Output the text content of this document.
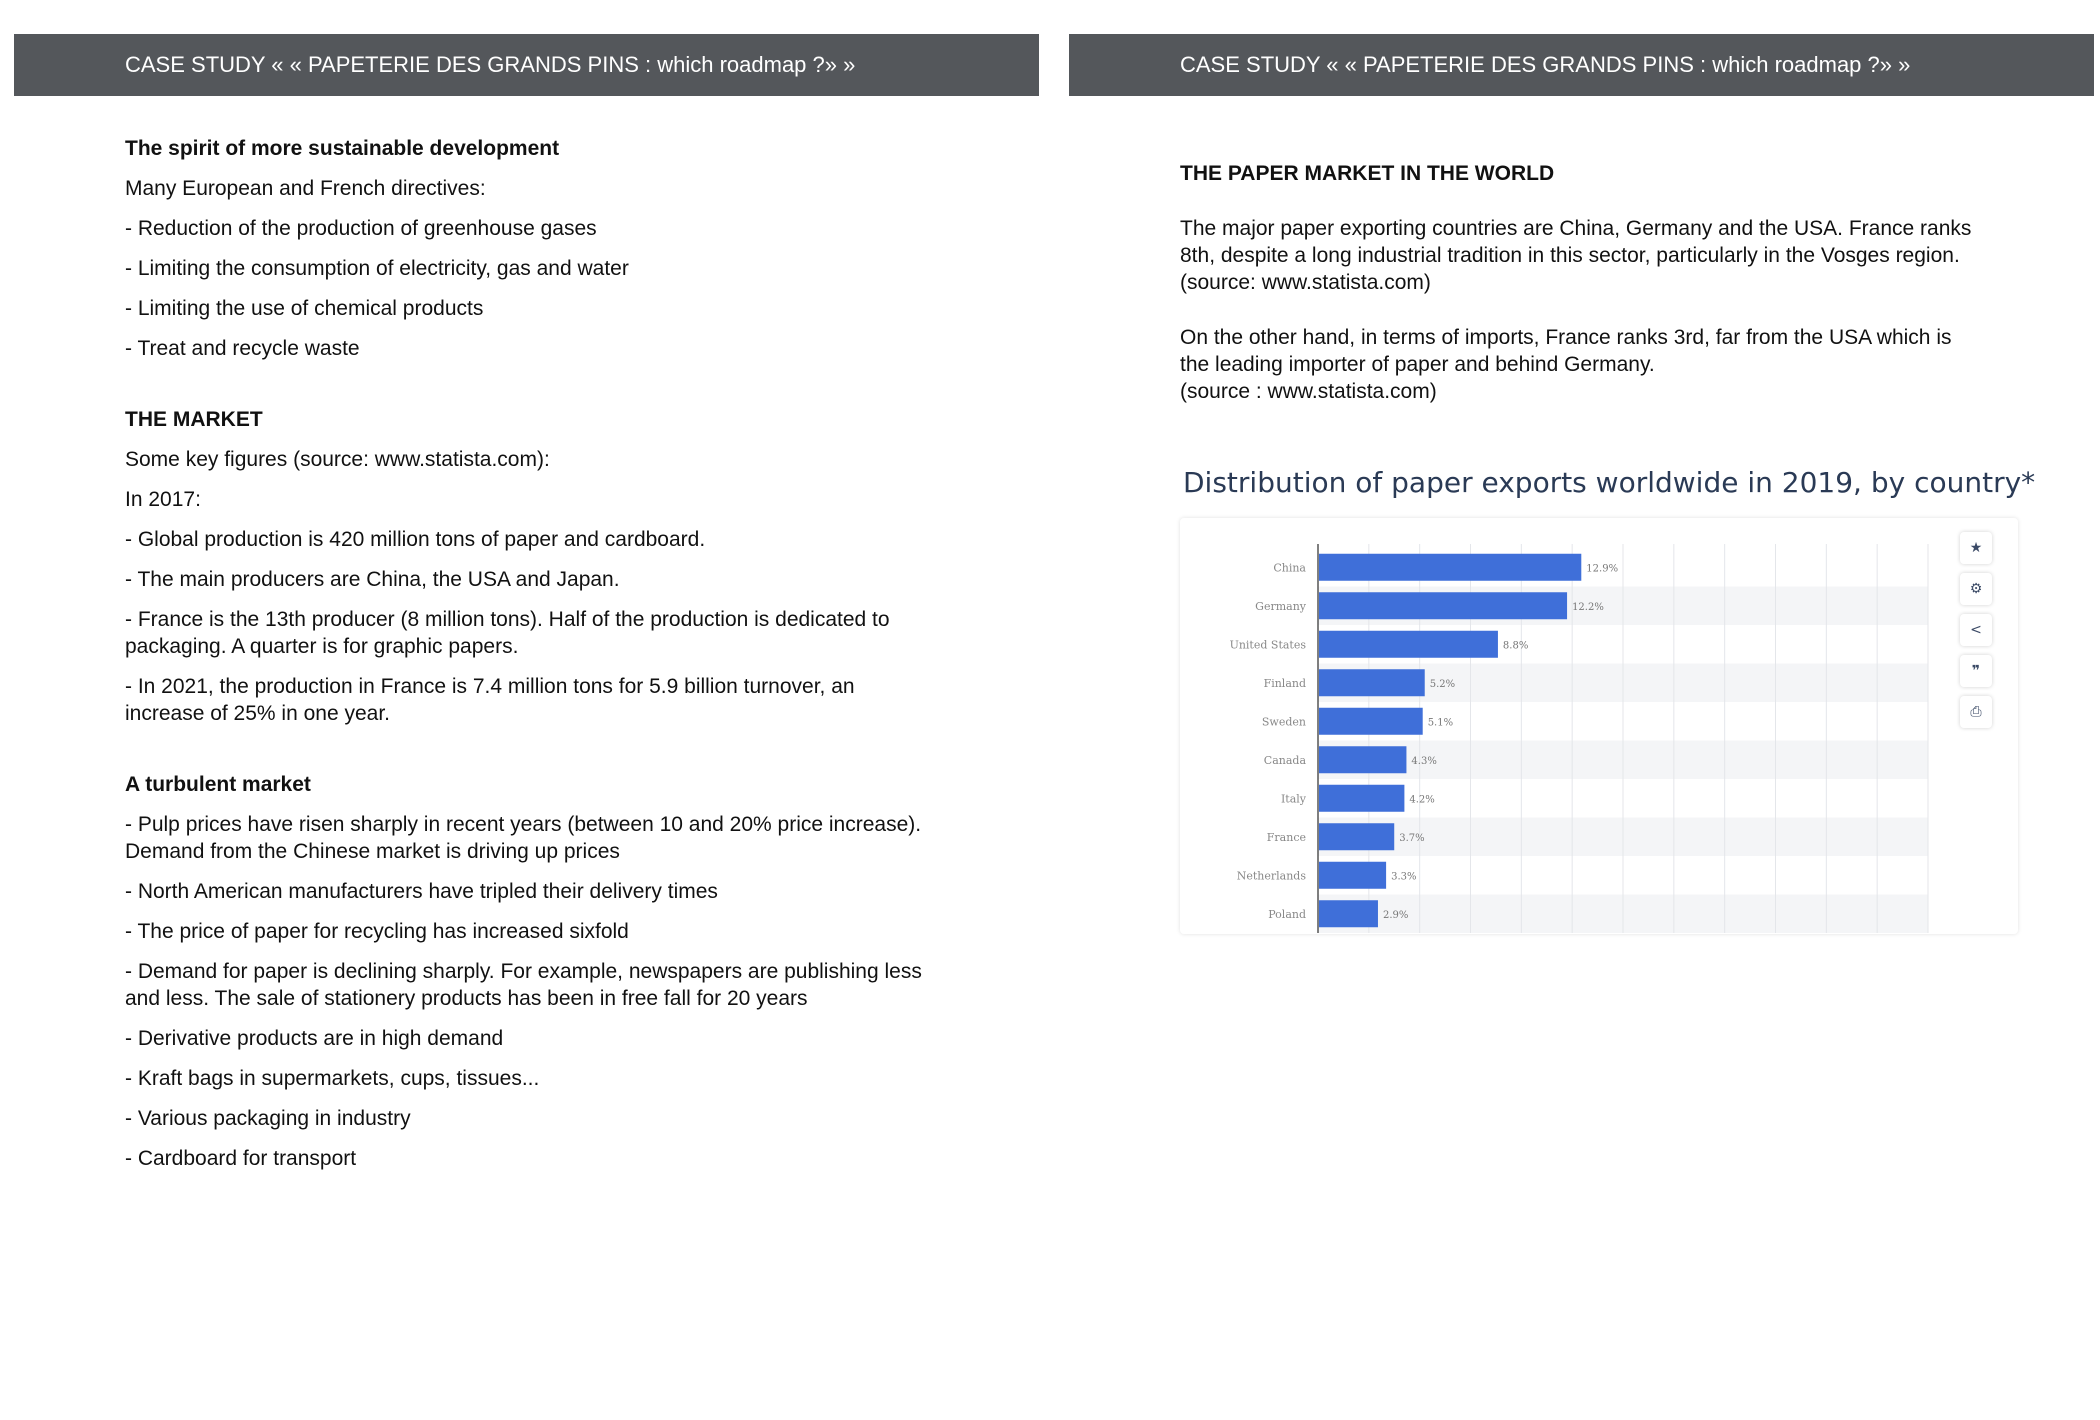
CASE STUDY « « PAPETERIE DES GRANDS PINS : which roadmap ?» »

The spirit of more sustainable development

Many European and French directives:

- Reduction of the production of greenhouse gases

- Limiting the consumption of electricity, gas and water

- Limiting the use of chemical products

- Treat and recycle waste

THE MARKET

Some key figures (source: www.statista.com):

In 2017:

- Global production is 420 million tons of paper and cardboard.

- The main producers are China, the USA and Japan.

- France is the 13th producer (8 million tons). Half of the production is dedicated to packaging. A quarter is for graphic papers.

- In 2021, the production in France is 7.4 million tons for 5.9 billion turnover, an increase of 25% in one year.

A turbulent market

- Pulp prices have risen sharply in recent years (between 10 and 20% price increase). Demand from the Chinese market is driving up prices

- North American manufacturers have tripled their delivery times

- The price of paper for recycling has increased sixfold

- Demand for paper is declining sharply. For example, newspapers are publishing less and less. The sale of stationery products has been in free fall for 20 years

- Derivative products are in high demand

- Kraft bags in supermarkets, cups, tissues...

- Various packaging in industry

- Cardboard for transport

CASE STUDY « « PAPETERIE DES GRANDS PINS : which roadmap ?» »

THE PAPER MARKET IN THE WORLD

The major paper exporting countries are China, Germany and the USA. France ranks
8th, despite a long industrial tradition in this sector, particularly in the Vosges region.
(source: www.statista.com)
On the other hand, in terms of imports, France ranks 3rd, far from the USA which is
the leading importer of paper and behind Germany.
(source : www.statista.com)
Distribution of paper exports worldwide in 2019, by country*
China	12.9%
Germany	12.2%
United States	8.8%
Finland	5.2%
Sweden	5.1%
Canada	4.3%
Italy	4.2%
France	3.7%
Netherlands	3.3%
Poland	2.9%
★
⚙
<
❞
⎙
